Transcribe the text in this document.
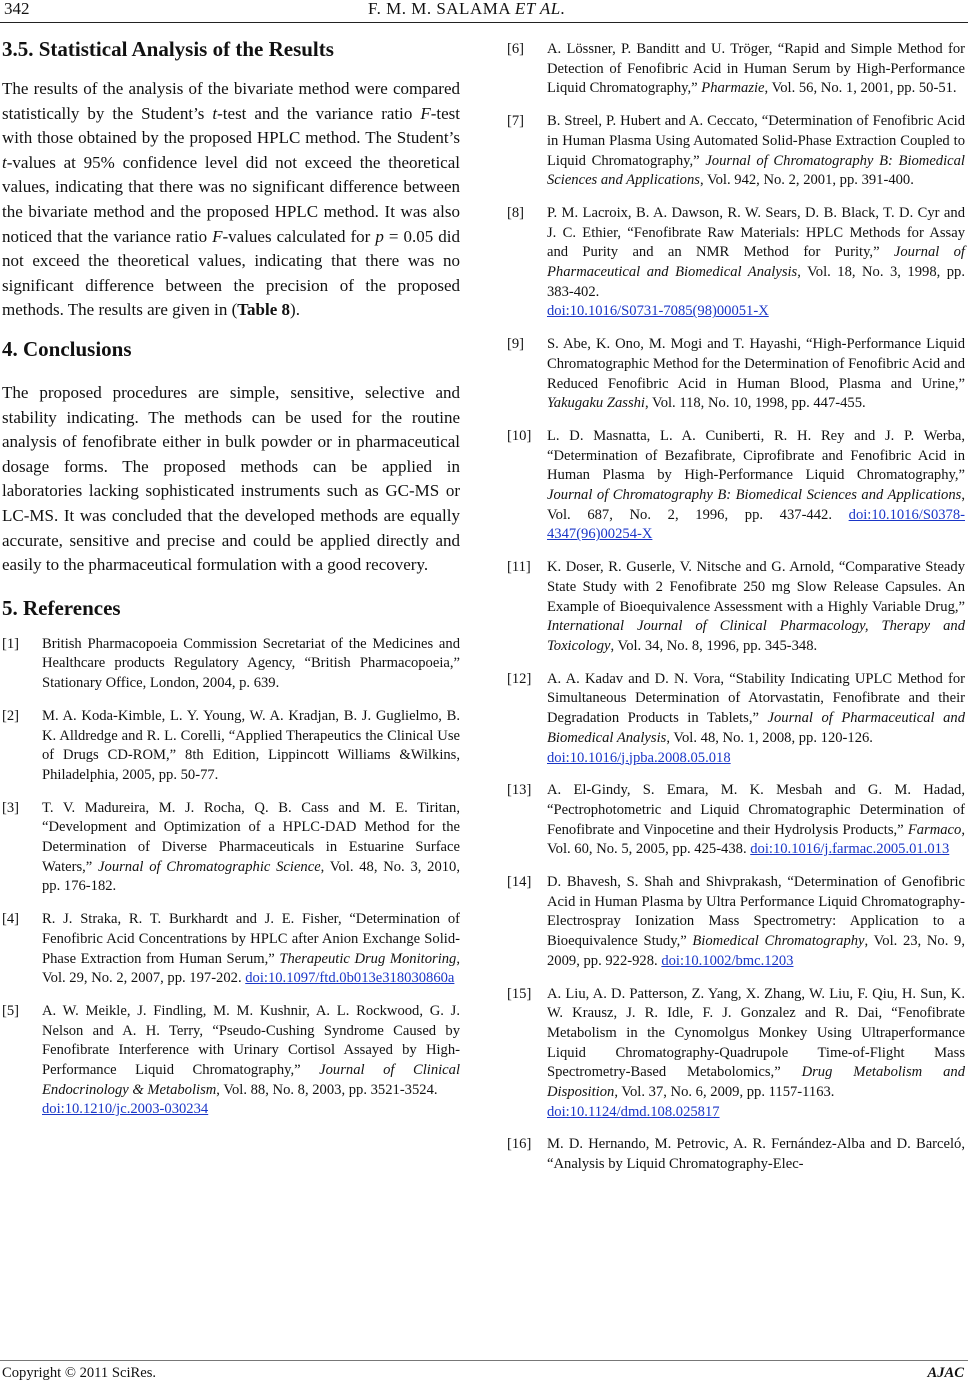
342	F. M. M. SALAMA ET AL.
3.5. Statistical Analysis of the Results

The results of the analysis of the bivariate method were compared statistically by the Student’s t-test and the variance ratio F-test with those obtained by the proposed HPLC method. The Student’s t-values at 95% confidence level did not exceed the theoretical values, indicating that there was no significant difference between the bivariate method and the proposed HPLC method. It was also noticed that the variance ratio F-values calculated for p = 0.05 did not exceed the theoretical values, indicating that there was no significant difference between the precision of the proposed methods. The results are given in (Table 8).

4. Conclusions

The proposed procedures are simple, sensitive, selective and stability indicating. The methods can be used for the routine analysis of fenofibrate either in bulk powder or in pharmaceutical dosage forms. The proposed methods can be applied in laboratories lacking sophisticated instruments such as GC-MS or LC-MS. It was concluded that the developed methods are equally accurate, sensitive and precise and could be applied directly and easily to the pharmaceutical formulation with a good recovery.

5. References
[1]	British Pharmacopoeia Commission Secretariat of the Medicines and Healthcare products Regulatory Agency, “British Pharmacopoeia,” Stationary Office, London, 2004, p. 639.
[2]	M. A. Koda-Kimble, L. Y. Young, W. A. Kradjan, B. J. Guglielmo, B. K. Alldredge and R. L. Corelli, “Applied Therapeutics the Clinical Use of Drugs CD-ROM,” 8th Edition, Lippincott Williams &Wilkins, Philadelphia, 2005, pp. 50-77.
[3]	T. V. Madureira, M. J. Rocha, Q. B. Cass and M. E. Tiritan, “Development and Optimization of a HPLC-DAD Method for the Determination of Diverse Pharmaceuticals in Estuarine Surface Waters,” Journal of Chromatographic Science, Vol. 48, No. 3, 2010, pp. 176-182.
[4]	R. J. Straka, R. T. Burkhardt and J. E. Fisher, “Determination of Fenofibric Acid Concentrations by HPLC after Anion Exchange Solid-Phase Extraction from Human Serum,” Therapeutic Drug Monitoring, Vol. 29, No. 2, 2007, pp. 197-202. doi:10.1097/ftd.0b013e318030860a
[5]	A. W. Meikle, J. Findling, M. M. Kushnir, A. L. Rockwood, G. J. Nelson and A. H. Terry, “Pseudo-Cushing Syndrome Caused by Fenofibrate Interference with Urinary Cortisol Assayed by High-Performance Liquid Chromatography,” Journal of Clinical Endocrinology & Metabolism, Vol. 88, No. 8, 2003, pp. 3521-3524.
doi:10.1210/jc.2003-030234
[6]	A. Lössner, P. Banditt and U. Tröger, “Rapid and Simple Method for Detection of Fenofibric Acid in Human Serum by High-Performance Liquid Chromatography,” Pharmazie, Vol. 56, No. 1, 2001, pp. 50-51.
[7]	B. Streel, P. Hubert and A. Ceccato, “Determination of Fenofibric Acid in Human Plasma Using Automated Solid-Phase Extraction Coupled to Liquid Chromatography,” Journal of Chromatography B: Biomedical Sciences and Applications, Vol. 942, No. 2, 2001, pp. 391-400.
[8]	P. M. Lacroix, B. A. Dawson, R. W. Sears, D. B. Black, T. D. Cyr and J. C. Ethier, “Fenofibrate Raw Materials: HPLC Methods for Assay and Purity and an NMR Method for Purity,” Journal of Pharmaceutical and Biomedical Analysis, Vol. 18, No. 3, 1998, pp. 383-402.
doi:10.1016/S0731-7085(98)00051-X
[9]	S. Abe, K. Ono, M. Mogi and T. Hayashi, “High-Performance Liquid Chromatographic Method for the Determination of Fenofibric Acid and Reduced Fenofibric Acid in Human Blood, Plasma and Urine,” Yakugaku Zasshi, Vol. 118, No. 10, 1998, pp. 447-455.
[10]	L. D. Masnatta, L. A. Cuniberti, R. H. Rey and J. P. Werba, “Determination of Bezafibrate, Ciprofibrate and Fenofibric Acid in Human Plasma by High-Performance Liquid Chromatography,” Journal of Chromatography B: Biomedical Sciences and Applications, Vol. 687, No. 2, 1996, pp. 437-442. doi:10.1016/S0378-4347(96)00254-X
[11]	K. Doser, R. Guserle, V. Nitsche and G. Arnold, “Comparative Steady State Study with 2 Fenofibrate 250 mg Slow Release Capsules. An Example of Bioequivalence Assessment with a Highly Variable Drug,” International Journal of Clinical Pharmacology, Therapy and Toxicology, Vol. 34, No. 8, 1996, pp. 345-348.
[12]	A. A. Kadav and D. N. Vora, “Stability Indicating UPLC Method for Simultaneous Determination of Atorvastatin, Fenofibrate and their Degradation Products in Tablets,” Journal of Pharmaceutical and Biomedical Analysis, Vol. 48, No. 1, 2008, pp. 120-126.
doi:10.1016/j.jpba.2008.05.018
[13]	A. El-Gindy, S. Emara, M. K. Mesbah and G. M. Hadad, “Pectrophotometric and Liquid Chromatographic Determination of Fenofibrate and Vinpocetine and their Hydrolysis Products,” Farmaco, Vol. 60, No. 5, 2005, pp. 425-438. doi:10.1016/j.farmac.2005.01.013
[14]	D. Bhavesh, S. Shah and Shivprakash, “Determination of Genofibric Acid in Human Plasma by Ultra Performance Liquid Chromatography-Electrospray Ionization Mass Spectrometry: Application to a Bioequivalence Study,” Biomedical Chromatography, Vol. 23, No. 9, 2009, pp. 922-928. doi:10.1002/bmc.1203
[15]	A. Liu, A. D. Patterson, Z. Yang, X. Zhang, W. Liu, F. Qiu, H. Sun, K. W. Krausz, J. R. Idle, F. J. Gonzalez and R. Dai, “Fenofibrate Metabolism in the Cynomolgus Monkey Using Ultraperformance Liquid Chromatography-Quadrupole Time-of-Flight Mass Spectrometry-Based Metabolomics,” Drug Metabolism and Disposition, Vol. 37, No. 6, 2009, pp. 1157-1163.
doi:10.1124/dmd.108.025817
[16]	M. D. Hernando, M. Petrovic, A. R. Fernández-Alba and D. Barceló, “Analysis by Liquid Chromatography-Elec-
Copyright © 2011 SciRes.	AJAC
